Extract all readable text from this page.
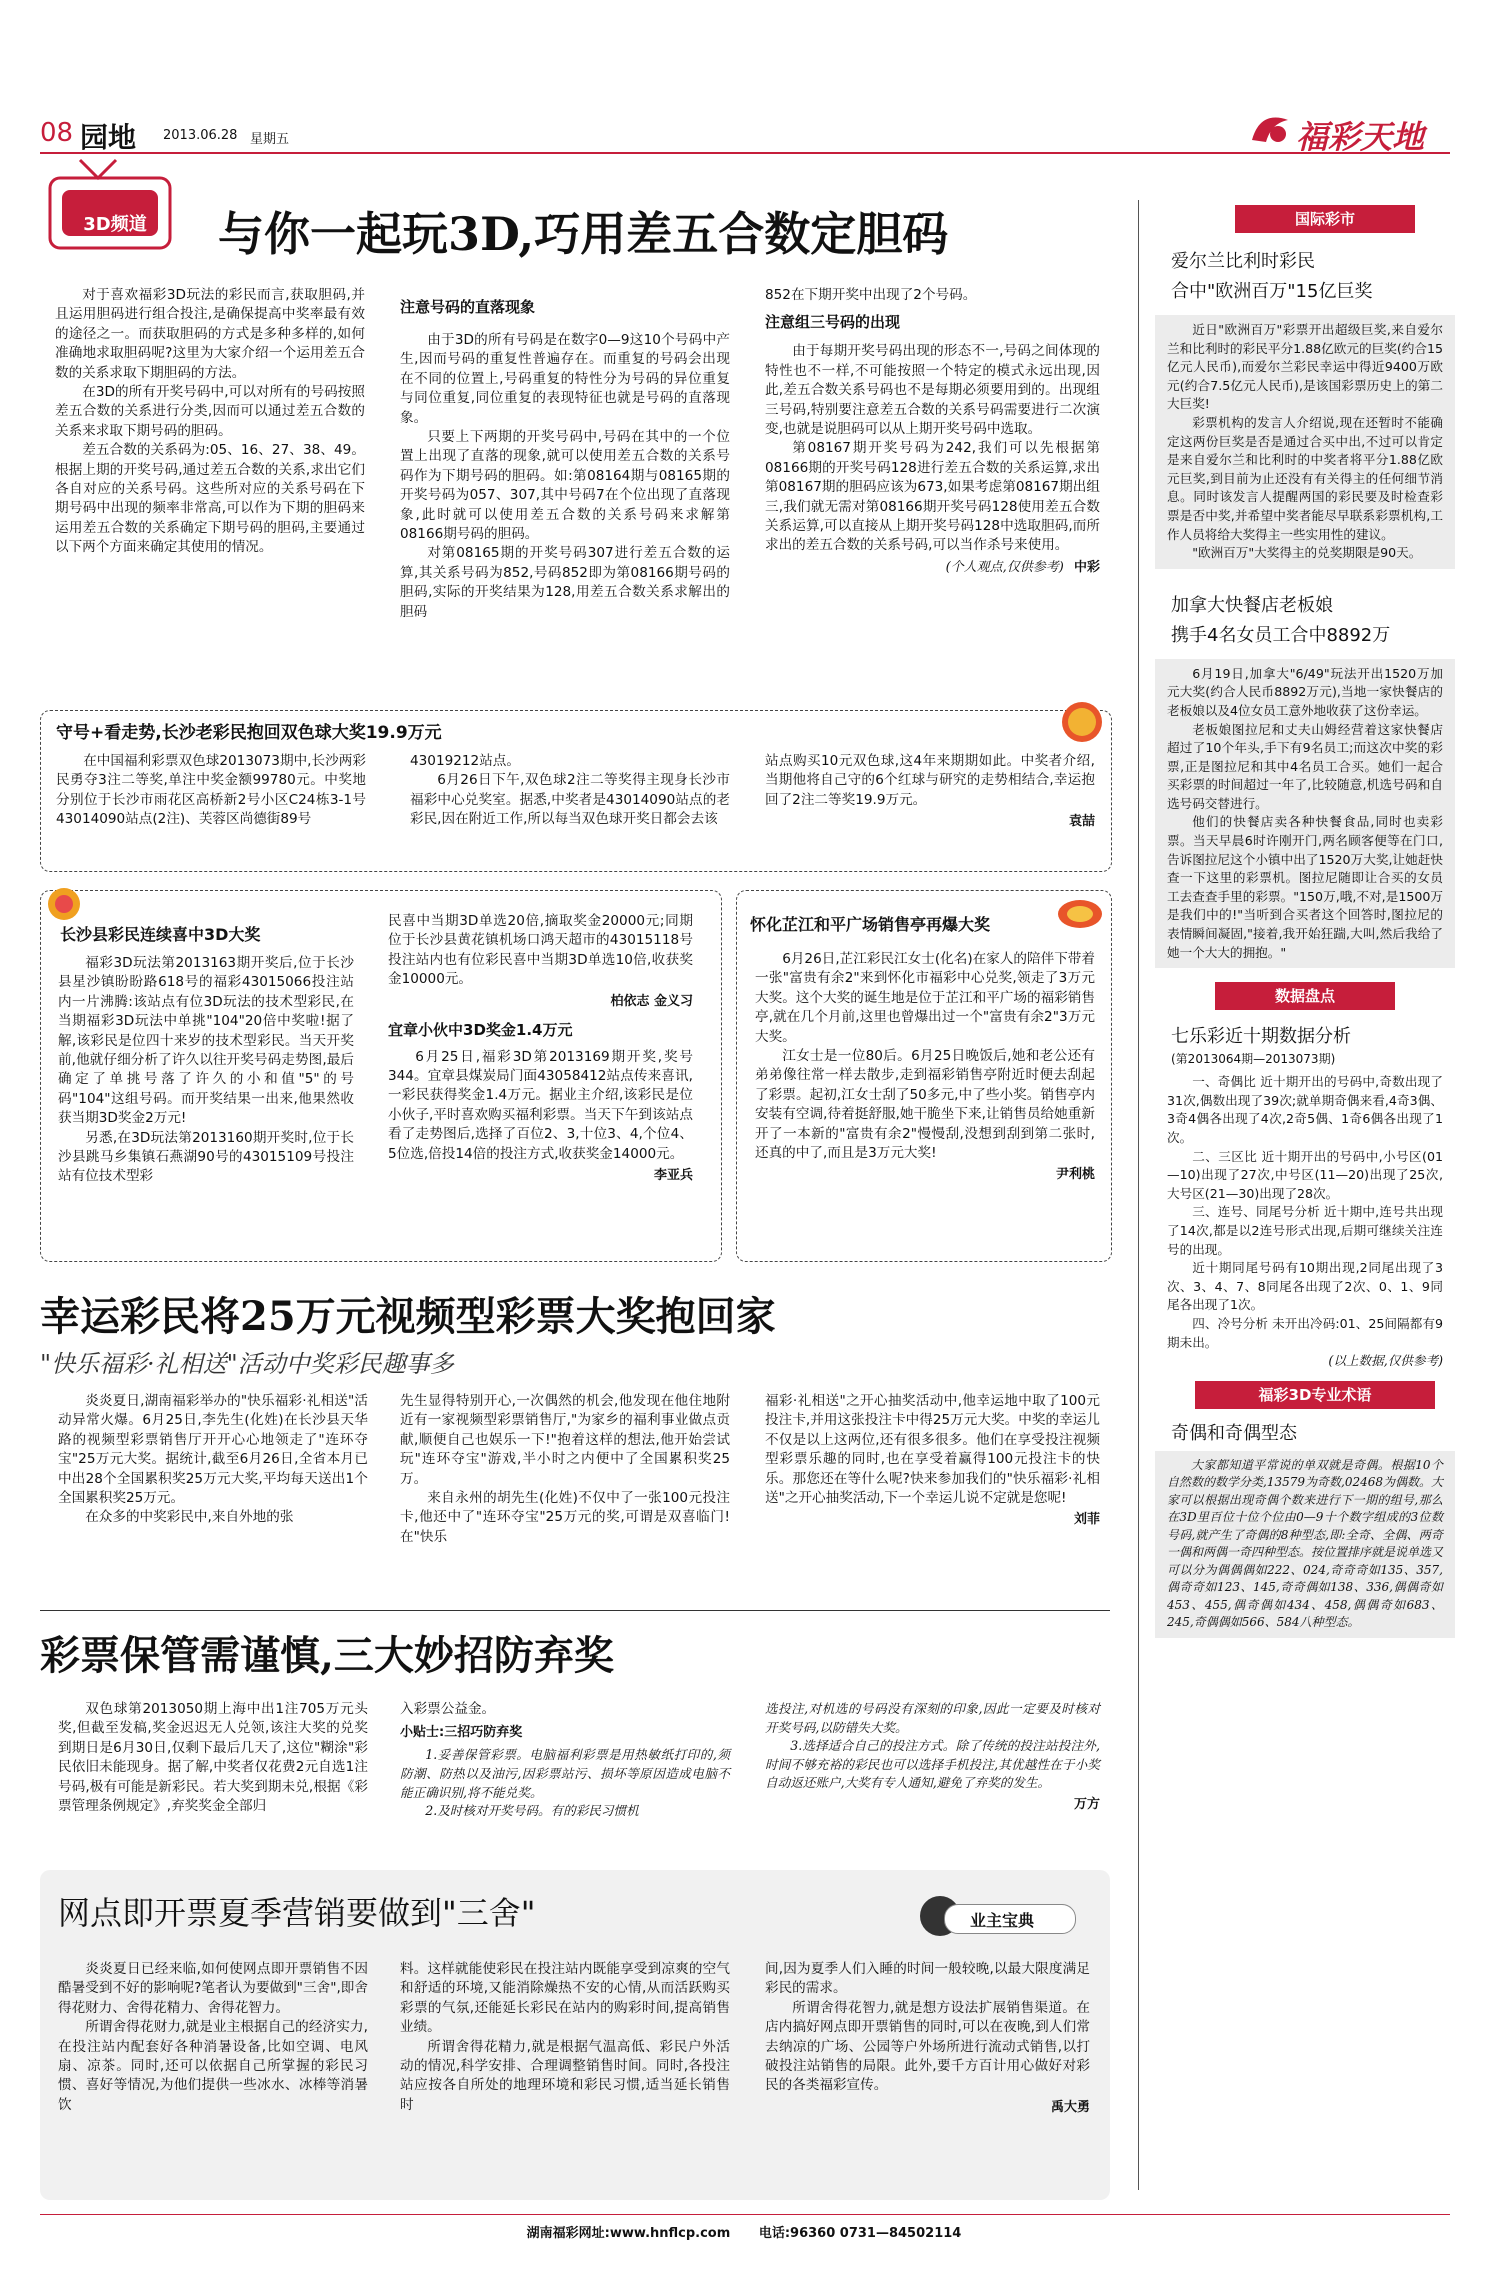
08 园地 2013.06.28 星期五	福彩天地
3D频道 与你一起玩3D,巧用差五合数定胆码

对于喜欢福彩3D玩法的彩民而言,获取胆码,并且运用胆码进行组合投注,是确保提高中奖率最有效的途径之一。而获取胆码的方式是多种多样的,如何准确地求取胆码呢?这里为大家介绍一个运用差五合数的关系求取下期胆码的方法。

在3D的所有开奖号码中,可以对所有的号码按照差五合数的关系进行分类,因而可以通过差五合数的关系来求取下期号码的胆码。

差五合数的关系码为:05、16、27、38、49。根据上期的开奖号码,通过差五合数的关系,求出它们各自对应的关系号码。这些所对应的关系号码在下期号码中出现的频率非常高,可以作为下期的胆码来运用差五合数的关系确定下期号码的胆码,主要通过以下两个方面来确定其使用的情况。

注意号码的直落现象

由于3D的所有号码是在数字0—9这10个号码中产生,因而号码的重复性普遍存在。而重复的号码会出现在不同的位置上,号码重复的特性分为号码的异位重复与同位重复,同位重复的表现特征也就是号码的直落现象。

只要上下两期的开奖号码中,号码在其中的一个位置上出现了直落的现象,就可以使用差五合数的关系号码作为下期号码的胆码。如:第08164期与08165期的开奖号码为057、307,其中号码7在个位出现了直落现象,此时就可以使用差五合数的关系号码来求解第08166期号码的胆码。

对第08165期的开奖号码307进行差五合数的运算,其关系号码为852,号码852即为第08166期号码的胆码,实际的开奖结果为128,用差五合数关系求解出的胆码

852在下期开奖中出现了2个号码。

注意组三号码的出现

由于每期开奖号码出现的形态不一,号码之间体现的特性也不一样,不可能按照一个特定的模式永远出现,因此,差五合数关系号码也不是每期必须要用到的。出现组三号码,特别要注意差五合数的关系号码需要进行二次演变,也就是说胆码可以从上期开奖号码中选取。

第08167期开奖号码为242,我们可以先根据第08166期的开奖号码128进行差五合数的关系运算,求出第08167期的胆码应该为673,如果考虑第08167期出组三,我们就无需对第08166期开奖号码128使用差五合数关系运算,可以直接从上期开奖号码128中选取胆码,而所求出的差五合数的关系号码,可以当作杀号来使用。

(个人观点,仅供参考) 中彩

守号+看走势,长沙老彩民抱回双色球大奖19.9万元

在中国福利彩票双色球2013073期中,长沙两彩民勇夺3注二等奖,单注中奖金额99780元。中奖地分别位于长沙市雨花区高桥新2号小区C24栋3-1号43014090站点(2注)、芙蓉区尚德街89号

43019212站点。

6月26日下午,双色球2注二等奖得主现身长沙市福彩中心兑奖室。据悉,中奖者是43014090站点的老彩民,因在附近工作,所以每当双色球开奖日都会去该

站点购买10元双色球,这4年来期期如此。中奖者介绍,当期他将自己守的6个红球与研究的走势相结合,幸运抱回了2注二等奖19.9万元。

袁喆

长沙县彩民连续喜中3D大奖

福彩3D玩法第2013163期开奖后,位于长沙县星沙镇盼盼路618号的福彩43015066投注站内一片沸腾:该站点有位3D玩法的技术型彩民,在当期福彩3D玩法中单挑"104"20倍中奖啦!据了解,该彩民是位四十来岁的技术型彩民。当天开奖前,他就仔细分析了许久以往开奖号码走势图,最后确定了单挑号落了许久的小和值"5"的号码"104"这组号码。而开奖结果一出来,他果然收获当期3D奖金2万元!

另悉,在3D玩法第2013160期开奖时,位于长沙县跳马乡集镇石燕湖90号的43015109号投注站有位技术型彩

民喜中当期3D单选20倍,摘取奖金20000元;同期位于长沙县黄花镇机场口鸿天超市的43015118号投注站内也有位彩民喜中当期3D单选10倍,收获奖金10000元。

柏依志 金义习

宜章小伙中3D奖金1.4万元

6月25日,福彩3D第2013169期开奖,奖号344。宜章县煤炭局门面43058412站点传来喜讯,一彩民获得奖金1.4万元。据业主介绍,该彩民是位小伙子,平时喜欢购买福利彩票。当天下午到该站点看了走势图后,选择了百位2、3,十位3、4,个位4、5位选,倍投14倍的投注方式,收获奖金14000元。

李亚兵

怀化芷江和平广场销售亭再爆大奖

6月26日,芷江彩民江女士(化名)在家人的陪伴下带着一张"富贵有余2"来到怀化市福彩中心兑奖,领走了3万元大奖。这个大奖的诞生地是位于芷江和平广场的福彩销售亭,就在几个月前,这里也曾爆出过一个"富贵有余2"3万元大奖。

江女士是一位80后。6月25日晚饭后,她和老公还有弟弟像往常一样去散步,走到福彩销售亭附近时便去刮起了彩票。起初,江女士刮了50多元,中了些小奖。销售亭内安装有空调,待着挺舒服,她干脆坐下来,让销售员给她重新开了一本新的"富贵有余2"慢慢刮,没想到刮到第二张时,还真的中了,而且是3万元大奖!

尹利桃

幸运彩民将25万元视频型彩票大奖抱回家

"快乐福彩·礼相送"活动中奖彩民趣事多

炎炎夏日,湖南福彩举办的"快乐福彩·礼相送"活动异常火爆。6月25日,李先生(化姓)在长沙县天华路的视频型彩票销售厅开开心心地领走了"连环夺宝"25万元大奖。据统计,截至6月26日,全省本月已中出28个全国累积奖25万元大奖,平均每天送出1个全国累积奖25万元。

在众多的中奖彩民中,来自外地的张

先生显得特别开心,一次偶然的机会,他发现在他住地附近有一家视频型彩票销售厅,"为家乡的福利事业做点贡献,顺便自己也娱乐一下!"抱着这样的想法,他开始尝试玩"连环夺宝"游戏,半小时之内便中了全国累积奖25万。

来自永州的胡先生(化姓)不仅中了一张100元投注卡,他还中了"连环夺宝"25万元的奖,可谓是双喜临门!在"快乐

福彩·礼相送"之开心抽奖活动中,他幸运地中取了100元投注卡,并用这张投注卡中得25万元大奖。中奖的幸运儿不仅是以上这两位,还有很多很多。他们在享受投注视频型彩票乐趣的同时,也在享受着赢得100元投注卡的快乐。那您还在等什么呢?快来参加我们的"快乐福彩·礼相送"之开心抽奖活动,下一个幸运儿说不定就是您呢!

刘菲

彩票保管需谨慎,三大妙招防弃奖

双色球第2013050期上海中出1注705万元头奖,但截至发稿,奖金迟迟无人兑领,该注大奖的兑奖到期日是6月30日,仅剩下最后几天了,这位"糊涂"彩民依旧未能现身。据了解,中奖者仅花费2元自选1注号码,极有可能是新彩民。若大奖到期未兑,根据《彩票管理条例规定》,弃奖奖金全部归

入彩票公益金。

小贴士:三招巧防弃奖

1.妥善保管彩票。电脑福利彩票是用热敏纸打印的,须防潮、防热以及油污,因彩票站污、损坏等原因造成电脑不能正确识别,将不能兑奖。

2.及时核对开奖号码。有的彩民习惯机

选投注,对机选的号码没有深刻的印象,因此一定要及时核对开奖号码,以防错失大奖。

3.选择适合自己的投注方式。除了传统的投注站投注外,时间不够充裕的彩民也可以选择手机投注,其优越性在于小奖自动返还账户,大奖有专人通知,避免了弃奖的发生。

万方

网点即开票夏季营销要做到"三舍"	业主宝典

炎炎夏日已经来临,如何使网点即开票销售不因酷暑受到不好的影响呢?笔者认为要做到"三舍",即舍得花财力、舍得花精力、舍得花智力。

所谓舍得花财力,就是业主根据自己的经济实力,在投注站内配套好各种消暑设备,比如空调、电风扇、凉茶。同时,还可以依据自己所掌握的彩民习惯、喜好等情况,为他们提供一些冰水、冰棒等消暑饮

料。这样就能使彩民在投注站内既能享受到凉爽的空气和舒适的环境,又能消除燥热不安的心情,从而活跃购买彩票的气氛,还能延长彩民在站内的购彩时间,提高销售业绩。

所谓舍得花精力,就是根据气温高低、彩民户外活动的情况,科学安排、合理调整销售时间。同时,各投注站应按各自所处的地理环境和彩民习惯,适当延长销售时

间,因为夏季人们入睡的时间一般较晚,以最大限度满足彩民的需求。

所谓舍得花智力,就是想方设法扩展销售渠道。在店内搞好网点即开票销售的同时,可以在夜晚,到人们常去纳凉的广场、公园等户外场所进行流动式销售,以打破投注站销售的局限。此外,要千方百计用心做好对彩民的各类福彩宣传。

禹大勇

国际彩市

爱尔兰比利时彩民

合中"欧洲百万"15亿巨奖

近日"欧洲百万"彩票开出超级巨奖,来自爱尔兰和比利时的彩民平分1.88亿欧元的巨奖(约合15亿元人民币),而爱尔兰彩民幸运中得近9400万欧元(约合7.5亿元人民币),是该国彩票历史上的第二大巨奖!

彩票机构的发言人介绍说,现在还暂时不能确定这两份巨奖是否是通过合买中出,不过可以肯定是来自爱尔兰和比利时的中奖者将平分1.88亿欧元巨奖,到目前为止还没有有关得主的任何细节消息。同时该发言人提醒两国的彩民要及时检查彩票是否中奖,并希望中奖者能尽早联系彩票机构,工作人员将给大奖得主一些实用性的建议。

"欧洲百万"大奖得主的兑奖期限是90天。

加拿大快餐店老板娘

携手4名女员工合中8892万

6月19日,加拿大"6/49"玩法开出1520万加元大奖(约合人民币8892万元),当地一家快餐店的老板娘以及4位女员工意外地收获了这份幸运。

老板娘图拉尼和丈夫山姆经营着这家快餐店超过了10个年头,手下有9名员工;而这次中奖的彩票,正是图拉尼和其中4名员工合买。她们一起合买彩票的时间超过一年了,比较随意,机选号码和自选号码交替进行。

他们的快餐店卖各种快餐食品,同时也卖彩票。当天早晨6时许刚开门,两名顾客便等在门口,告诉图拉尼这个小镇中出了1520万大奖,让她赶快查一下这里的彩票机。图拉尼随即让合买的女员工去查查手里的彩票。"150万,哦,不对,是1500万是我们中的!"当听到合买者这个回答时,图拉尼的表情瞬间凝固,"接着,我开始狂踹,大叫,然后我给了她一个大大的拥抱。"

数据盘点

七乐彩近十期数据分析

(第2013064期—2013073期)

一、奇偶比 近十期开出的号码中,奇数出现了31次,偶数出现了39次;就单期奇偶来看,4奇3偶、3奇4偶各出现了4次,2奇5偶、1奇6偶各出现了1次。

二、三区比 近十期开出的号码中,小号区(01—10)出现了27次,中号区(11—20)出现了25次,大号区(21—30)出现了28次。

三、连号、同尾号分析 近十期中,连号共出现了14次,都是以2连号形式出现,后期可继续关注连号的出现。

近十期同尾号码有10期出现,2同尾出现了3次、3、4、7、8同尾各出现了2次、0、1、9同尾各出现了1次。

四、冷号分析 未开出冷码:01、25间隔都有9期未出。

(以上数据,仅供参考)

福彩3D专业术语

奇偶和奇偶型态

大家都知道平常说的单双就是奇偶。根据10个自然数的数学分类,13579为奇数,02468为偶数。大家可以根据出现奇偶个数来进行下一期的组号,那么在3D里百位十位个位由0—9十个数字组成的3位数号码,就产生了奇偶的8种型态,即:全奇、全偶、两奇一偶和两偶一奇四种型态。按位置排序就是说单选又可以分为偶偶偶如222、024,奇奇奇如135、357,偶奇奇如123、145,奇奇偶如138、336,偶偶奇如453、455,偶奇偶如434、458,偶偶奇如683、245,奇偶偶如566、584八种型态。

湖南福彩网址:www.hnflcp.com 电话:96360 0731—84502114
